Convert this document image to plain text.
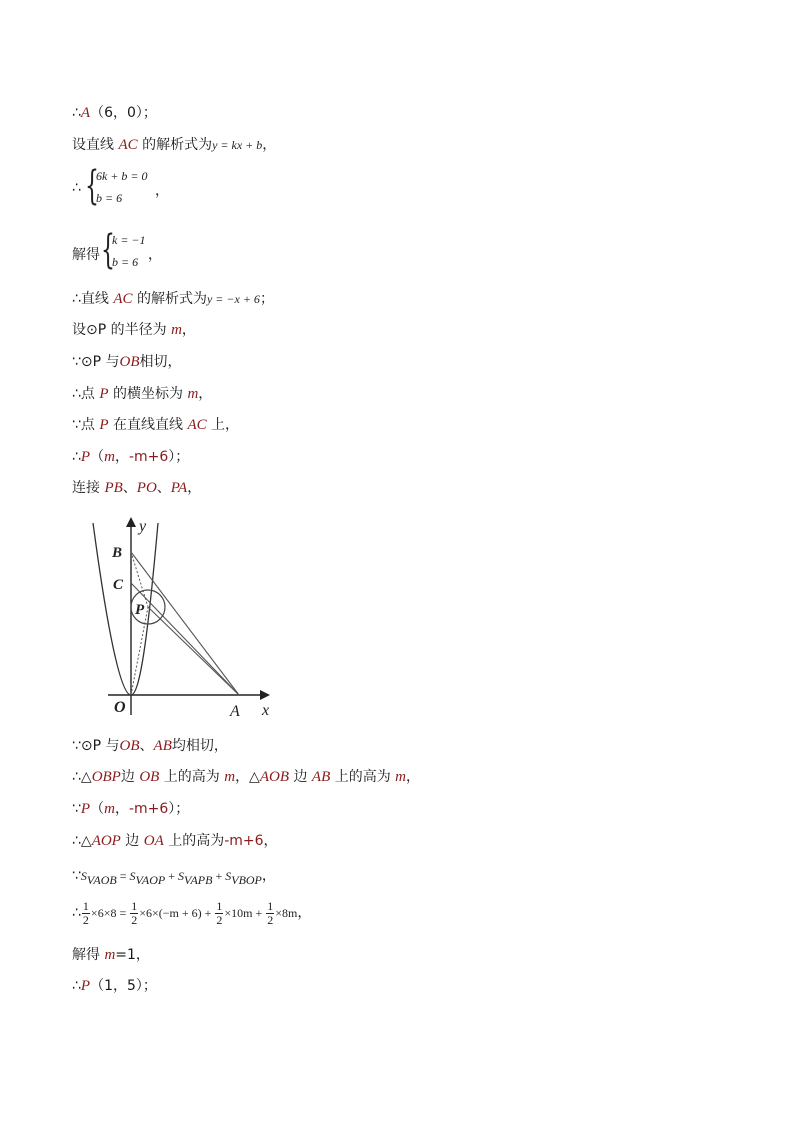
∴A（6，0）；
设直线 AC 的解析式为y = kx + b，
∴ {
6k + b = 0
b = 6 ，
解得 {
k = −1
b = 6 ，
∴直线 AC 的解析式为y = −x + 6；
设⊙P 的半径为 m，
∵⊙P 与OB相切，
∴点 P 的横坐标为 m，
∵点 P 在直线直线 AC 上，
∴P（m，-m+6）；
连接 PB、PO、PA，
y
B
C
P
O	A x
∵⊙P 与OB、AB均相切，
∴△OBP边 OB 上的高为 m，△AOB 边 AB 上的高为 m，
∵P（m，-m+6）；
∴△AOP 边 OA 上的高为-m+6，
$\because S_{VAOB} = S_{VAOP} + S_{VAPB} + S_{VBOP}$，
∴ $\frac{1}{2} \times 6\times 8 = \frac{1}{2} \times 6\times(-m + 6) + \frac{1}{2} \times 10m + \frac{1}{2} \times 8m$，
解得 m=1，
∴P（1，5）；
